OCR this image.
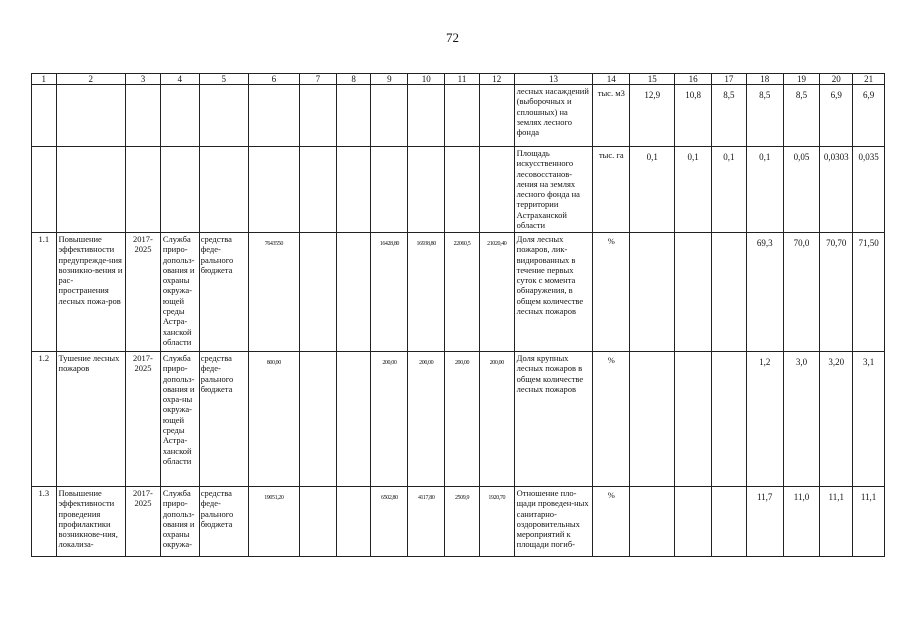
72
1	2	3	4	5	6	7	8	9	10	11	12	13	14	15	16	17	18	19	20	21
												лесных насаждений (выборочных и сплошных) на землях лесного фонда	тыс. м3	12,9	10,8	8,5	8,5	8,5	6,9	6,9
												Площадь искусственного лесовосстанов-ления на землях лесного фонда на территории Астраханской области	тыс. га	0,1	0,1	0,1	0,1	0,05	0,0303	0,035
1.1	Повышение эффективности предупрежде-ния возникно-вения и рас-пространения лесных пожа-ров	2017-2025	Служба приро-допольз-ования и охраны окружа-ющей среды Астра-ханской области	средства феде-рального бюджета	7643550			16428,80	16938,80	22060,5	21020,40	Доля лесных пожаров, лик-видированных в течение первых суток с момента обнаружения, в общем количестве лесных пожаров	%				69,3	70,0	70,70	71,50
1.2	Тушение лесных пожаров	2017-2025	Служба приро-допольз-ования и охра-ны окружа-ющей среды Астра-ханской области	средства феде-рального бюджета	800,00			200,00	200,00	200,00	200,00	Доля крупных лесных пожаров в общем количестве лесных пожаров	%				1,2	3,0	3,20	3,1
1.3	Повышение эффективности проведения профилактики возникнове-ния, локализа-	2017-2025	Служба приро-допольз-ования и охраны окружа-	средства феде-рального бюджета	19051,20			6502,80	4117,80	2509,9	1920,70	Отношение пло-щади проведен-ных санитарно-оздоровительных мероприятий к площади погиб-	%				11,7	11,0	11,1	11,1
